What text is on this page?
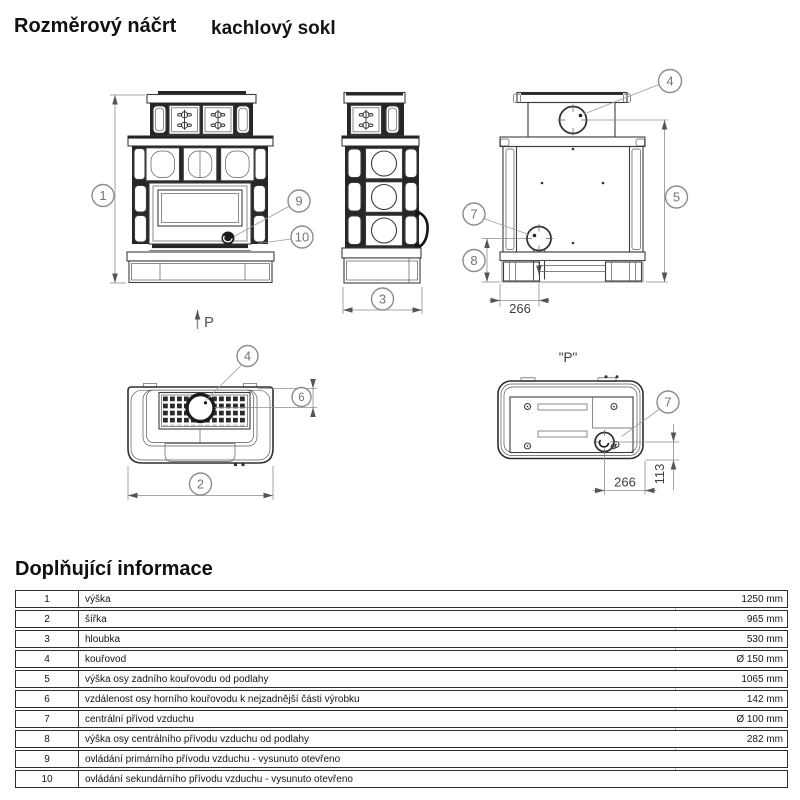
Rozměrový náčrt kachlový sokl
1	9
10
P
3
4
5
7
8
266
4
6
2
"P"
7
113
266
Doplňující informace
1	výška	1250 mm
2	šířka	965 mm
3	hloubka	530 mm
4	kouřovod	Ø 150 mm
5	výška osy zadního kouřovodu od podlahy	1065 mm
6	vzdálenost osy horního kouřovodu k nejzadnější části výrobku	142 mm
7	centrální přívod vzduchu	Ø 100 mm
8	výška osy centrálního přívodu vzduchu od podlahy	282 mm
9	ovládání primárního přívodu vzduchu - vysunuto otevřeno
10	ovládání sekundárního přívodu vzduchu - vysunuto otevřeno
